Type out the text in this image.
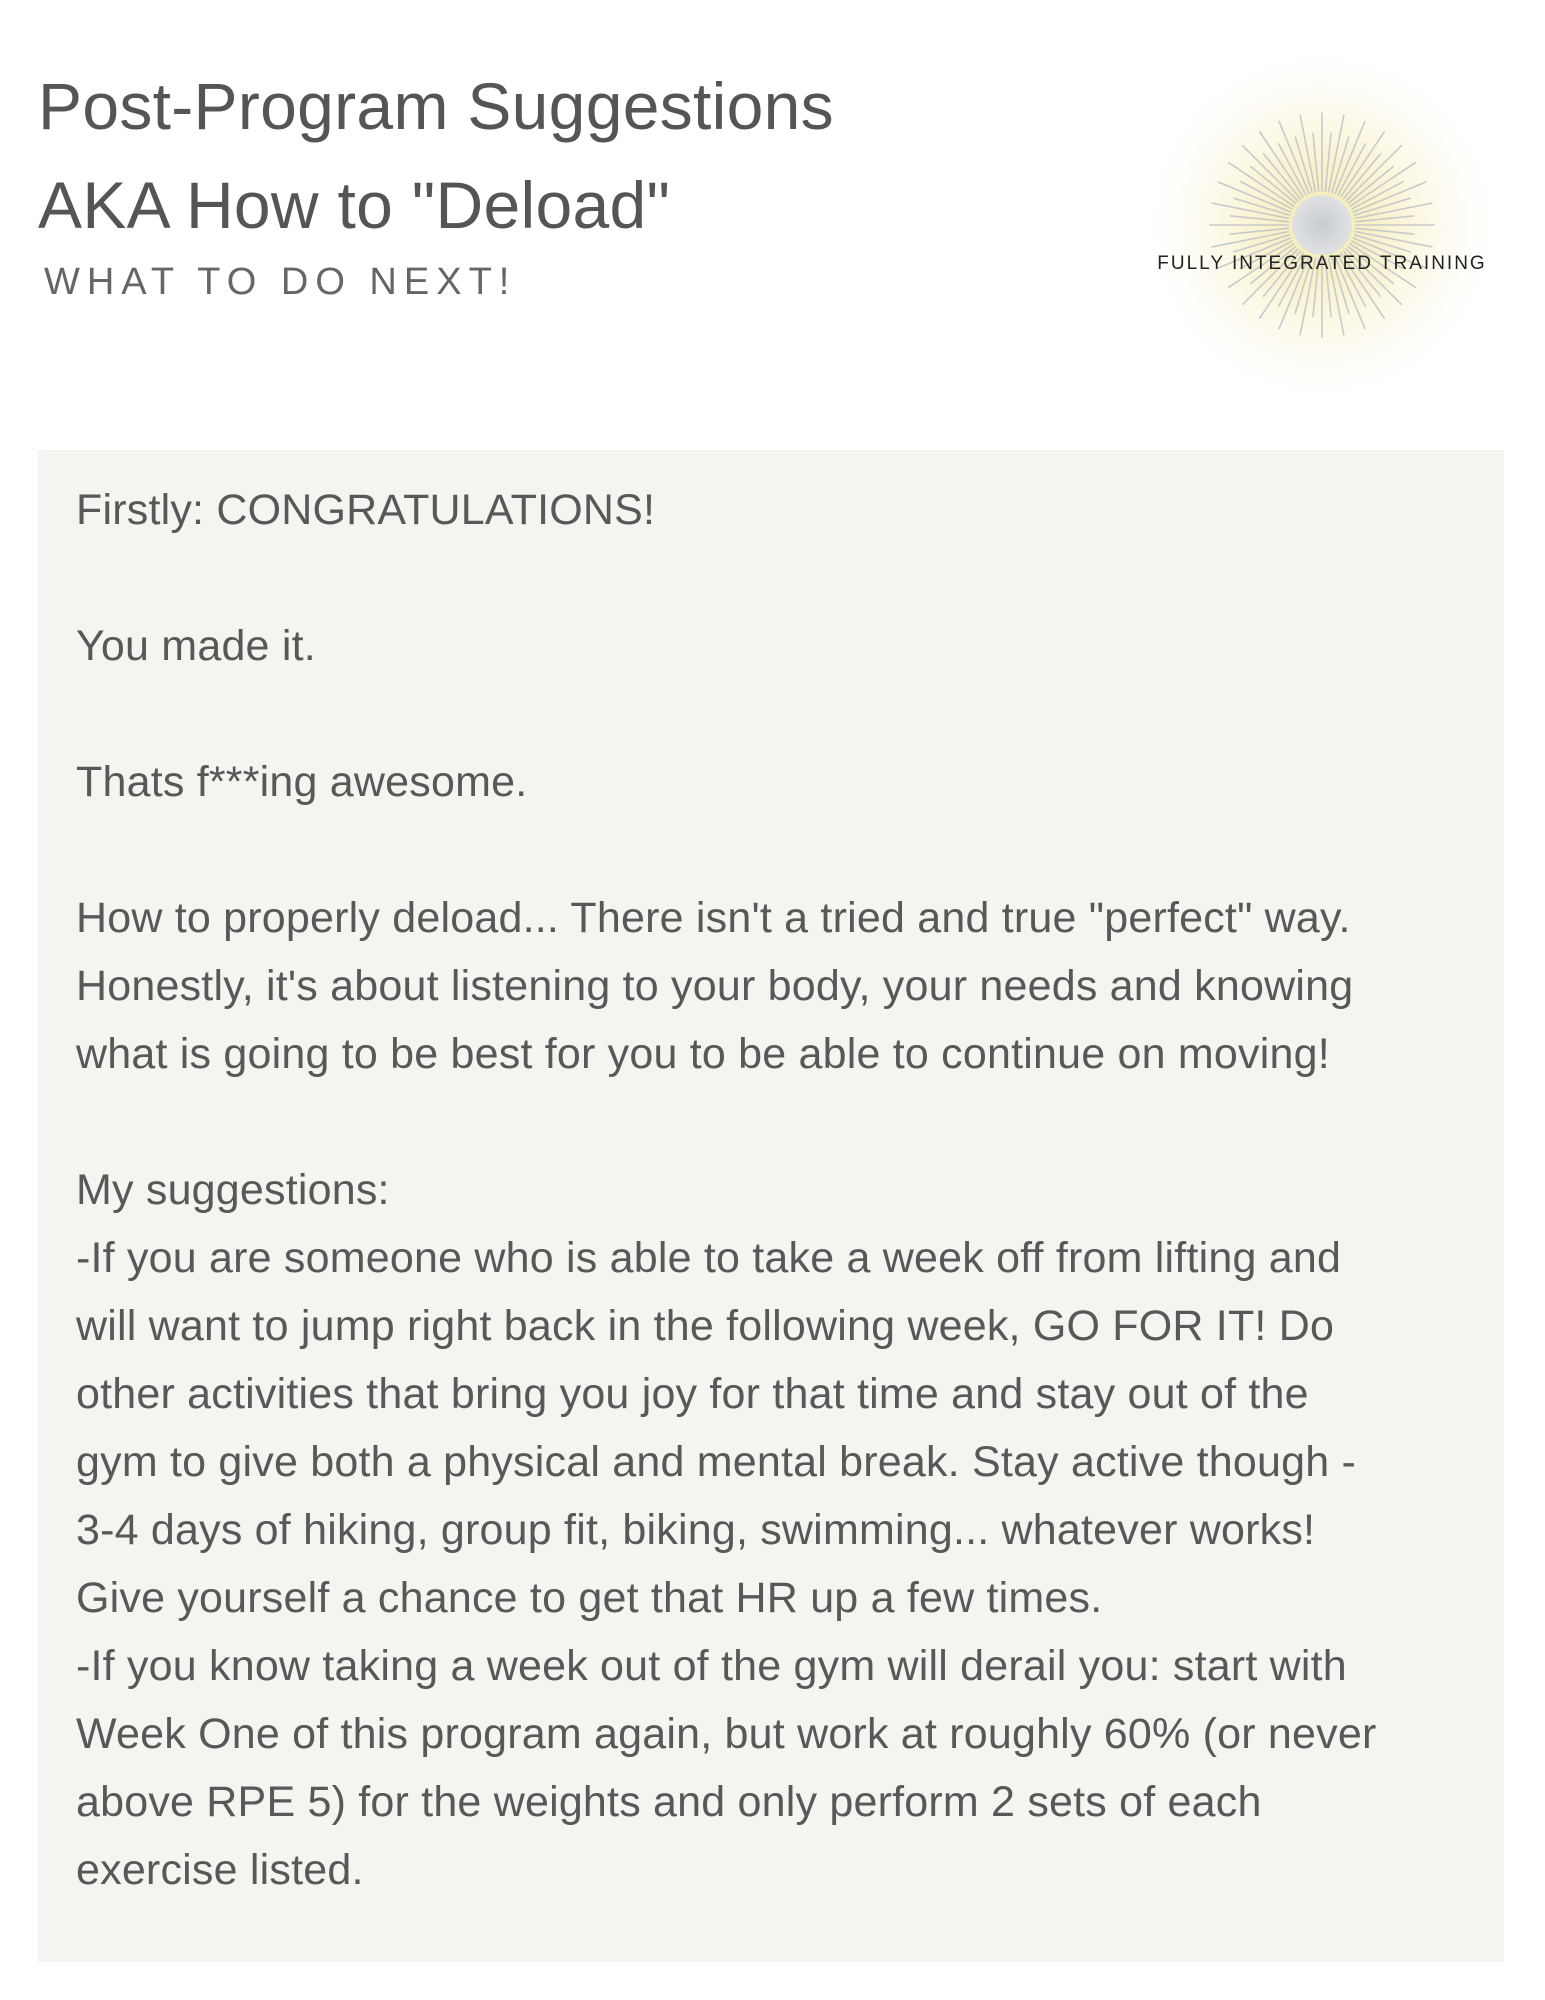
Post-Program Suggestions
AKA How to "Deload"
WHAT TO DO NEXT!	FULLY INTEGRATED TRAINING

Firstly: CONGRATULATIONS!

You made it.

Thats f***ing awesome.

How to properly deload... There isn't a tried and true "perfect" way.

Honestly, it's about listening to your body, your needs and knowing

what is going to be best for you to be able to continue on moving!

My suggestions:

-If you are someone who is able to take a week off from lifting and

will want to jump right back in the following week, GO FOR IT! Do

other activities that bring you joy for that time and stay out of the

gym to give both a physical and mental break. Stay active though -

3-4 days of hiking, group fit, biking, swimming... whatever works!

Give yourself a chance to get that HR up a few times.

-If you know taking a week out of the gym will derail you: start with

Week One of this program again, but work at roughly 60% (or never

above RPE 5) for the weights and only perform 2 sets of each

exercise listed.
